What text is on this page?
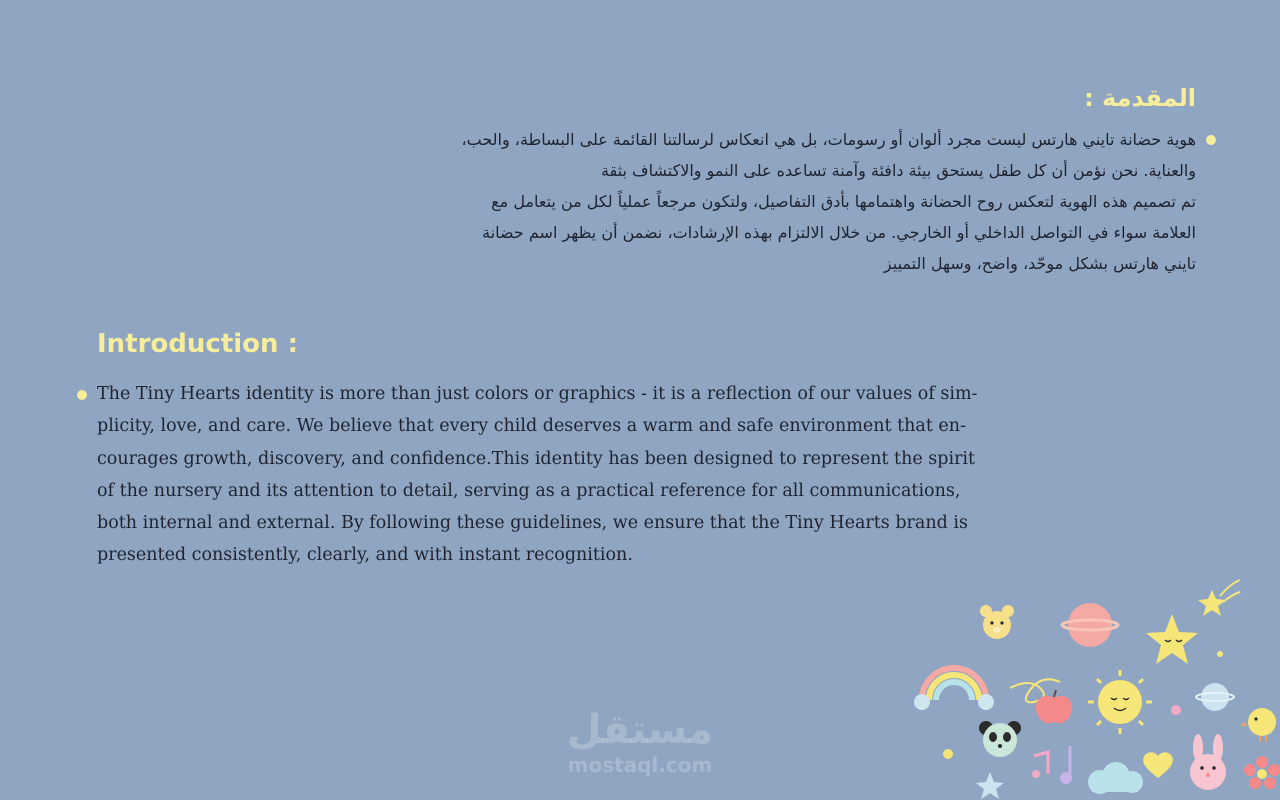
المقدمة :
هوية حضانة تايني هارتس ليست مجرد ألوان أو رسومات، بل هي انعكاس لرسالتنا القائمة على البساطة، والحب،
والعناية. نحن نؤمن أن كل طفل يستحق بيئة دافئة وآمنة تساعده على النمو والاكتشاف بثقة
تم تصميم هذه الهوية لتعكس روح الحضانة واهتمامها بأدق التفاصيل، ولتكون مرجعاً عملياً لكل من يتعامل مع
العلامة سواء في التواصل الداخلي أو الخارجي. من خلال الالتزام بهذه الإرشادات، نضمن أن يظهر اسم حضانة
تايني هارتس بشكل موحّد، واضح، وسهل التمييز
Introduction :
The Tiny Hearts identity is more than just colors or graphics - it is a reflection of our values of sim-
plicity, love, and care. We believe that every child deserves a warm and safe environment that en-
courages growth, discovery, and confidence.This identity has been designed to represent the spirit
of the nursery and its attention to detail, serving as a practical reference for all communications,
both internal and external. By following these guidelines, we ensure that the Tiny Hearts brand is
presented consistently, clearly, and with instant recognition.
مستقل
mostaql.com
